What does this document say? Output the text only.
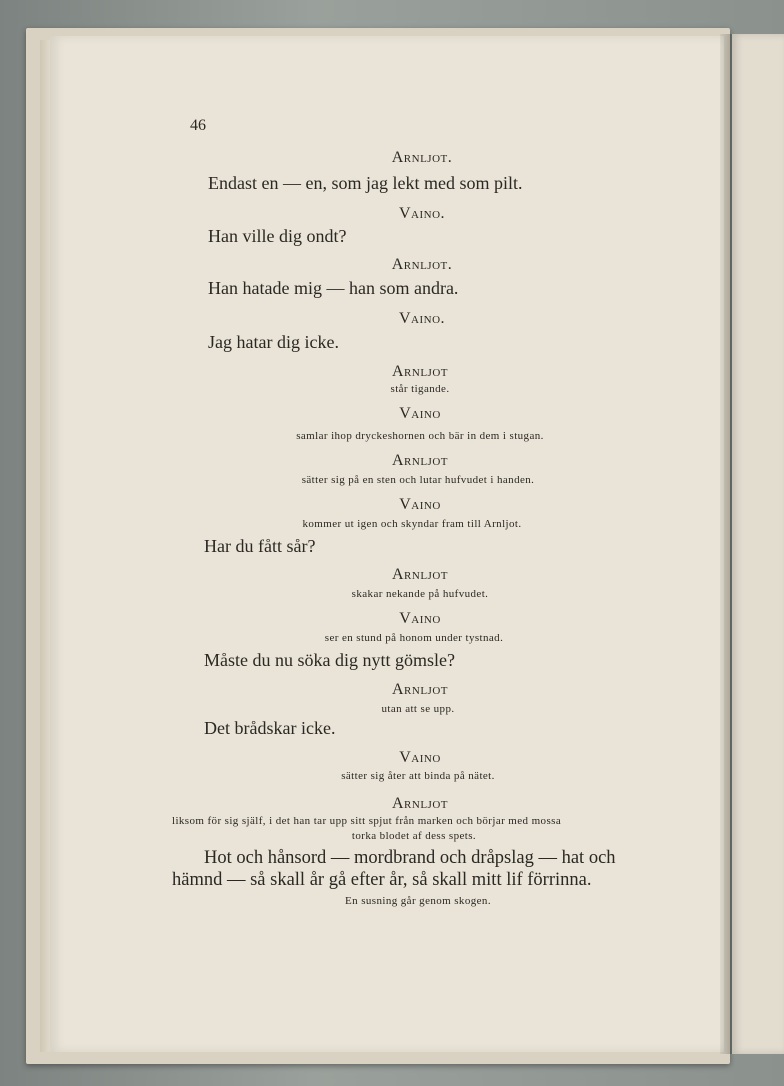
46
Arnljot.
Endast en — en, som jag lekt med som pilt.
Vaino.
Han ville dig ondt?
Arnljot.
Han hatade mig — han som andra.
Vaino.
Jag hatar dig icke.
Arnljot
står tigande.
Vaino
samlar ihop dryckeshornen och bär in dem i stugan.
Arnljot
sätter sig på en sten och lutar hufvudet i handen.
Vaino
kommer ut igen och skyndar fram till Arnljot.
Har du fått sår?
Arnljot
skakar nekande på hufvudet.
Vaino
ser en stund på honom under tystnad.
Måste du nu söka dig nytt gömsle?
Arnljot
utan att se upp.
Det brådskar icke.
Vaino
sätter sig åter att binda på nätet.
Arnljot
liksom för sig själf, i det han tar upp sitt spjut från marken och börjar med mossa
torka blodet af dess spets.
Hot och hånsord — mordbrand och dråpslag — hat och
hämnd — så skall år gå efter år, så skall mitt lif förrinna.
En susning går genom skogen.
